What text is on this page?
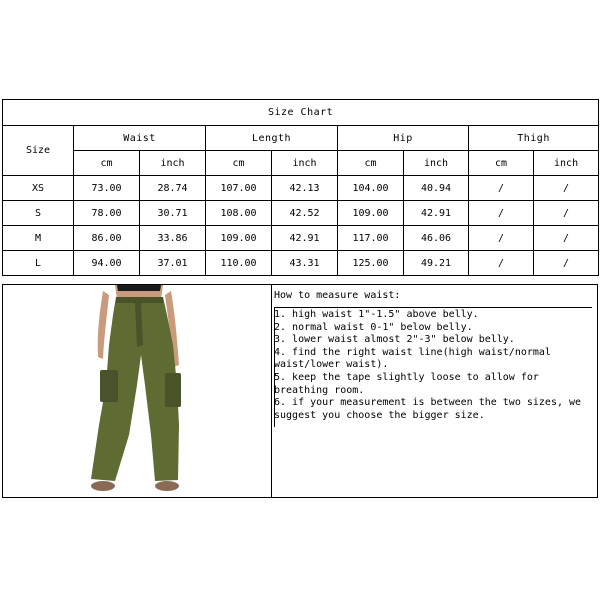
Size Chart								
Size	Waist		Length		Hip		Thigh	
	cm	inch	cm	inch	cm	inch	cm	inch
XS	73.00	28.74	107.00	42.13	104.00	40.94	/	/
S	78.00	30.71	108.00	42.52	109.00	42.91	/	/
M	86.00	33.86	109.00	42.91	117.00	46.06	/	/
L	94.00	37.01	110.00	43.31	125.00	49.21	/	/
How to measure waist:
1. high waist 1"-1.5" above belly.
2. normal waist 0-1" below belly.
3. lower waist almost 2"-3" below belly.
4. find the right waist line(high waist/normal waist/lower waist).
5. keep the tape slightly loose to allow for breathing room.
6. if your measurement is between the two sizes, we suggest you choose the bigger size.
